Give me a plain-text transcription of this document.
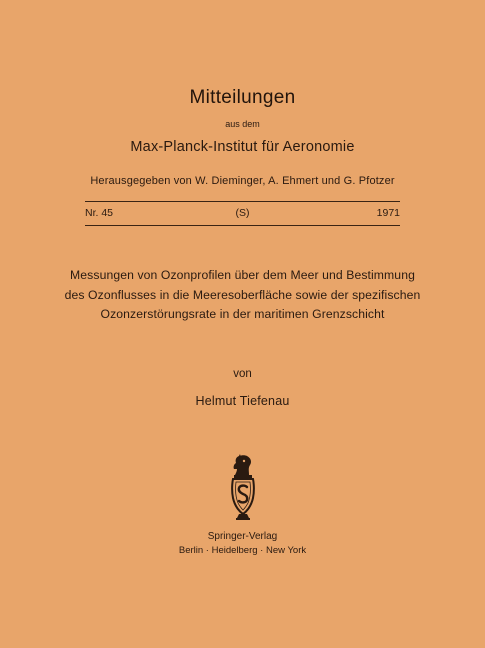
Mitteilungen
aus dem
Max-Planck-Institut für Aeronomie
Herausgegeben von W. Dieminger, A. Ehmert und G. Pfotzer
Nr. 45	(S)	1971
Messungen von Ozonprofilen über dem Meer und Bestimmung
des Ozonflusses in die Meeresoberfläche sowie der spezifischen
Ozonzerstörungsrate in der maritimen Grenzschicht
von
Helmut Tiefenau
Springer-Verlag
Berlin · Heidelberg · New York
